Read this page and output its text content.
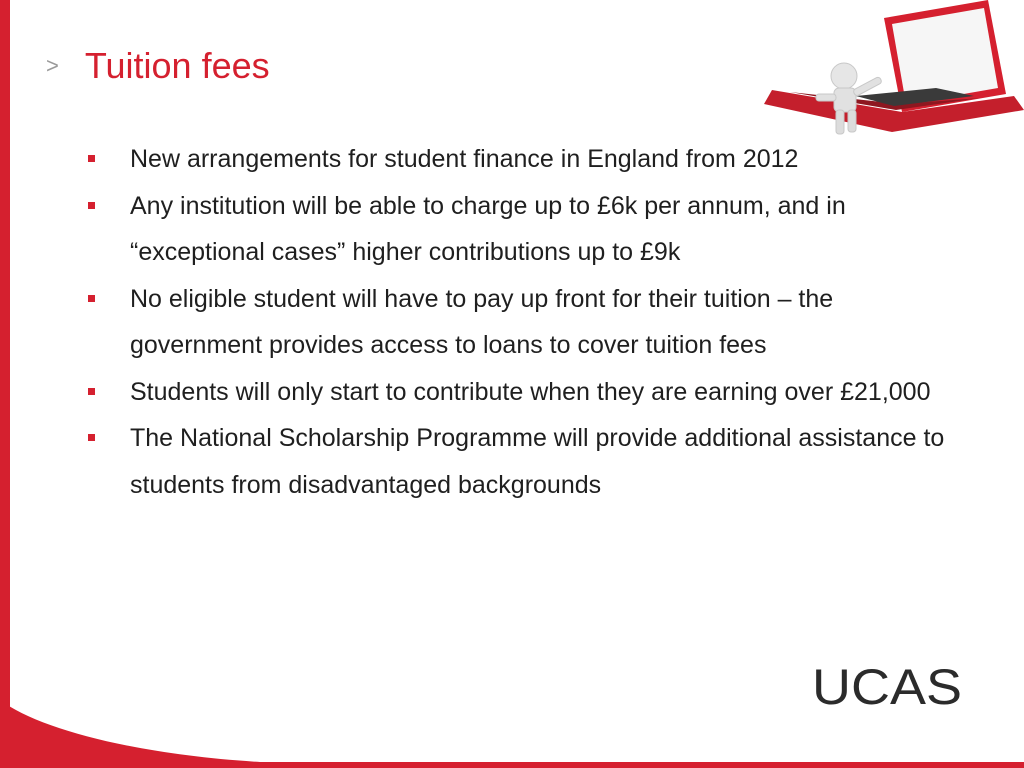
> Tuition fees
New arrangements for student finance in England from 2012
Any institution will be able to charge up to £6k per annum, and in “exceptional cases” higher contributions up to £9k
No eligible student will have to pay up front for their tuition – the government provides access to loans to cover tuition fees
Students will only start to contribute when they are earning over £21,000
The National Scholarship Programme will provide additional assistance to students from disadvantaged backgrounds
UCAS
